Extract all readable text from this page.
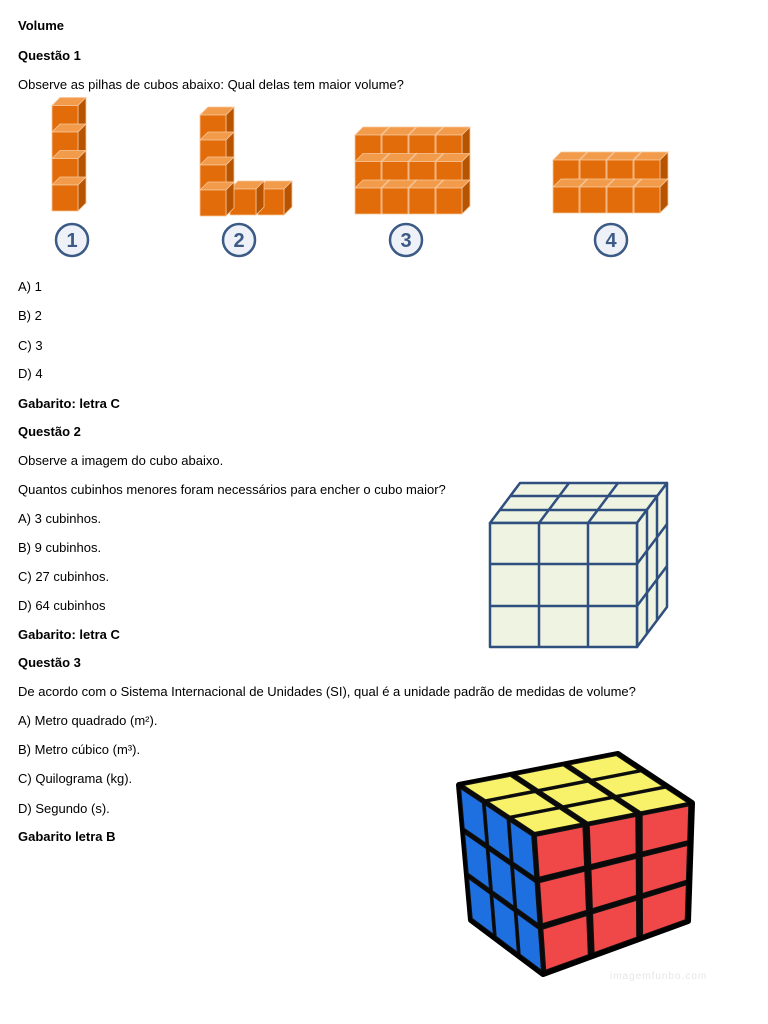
Volume
Questão 1
Observe as pilhas de cubos abaixo: Qual delas tem maior volume?
1	2	3	4
A) 1
B) 2
C) 3
D) 4
Gabarito: letra C
Questão 2
Observe a imagem do cubo abaixo.
Quantos cubinhos menores foram necessários para encher o cubo maior?
A) 3 cubinhos.
B) 9 cubinhos.
C) 27 cubinhos.
D) 64 cubinhos
Gabarito: letra C
Questão 3
De acordo com o Sistema Internacional de Unidades (SI), qual é a unidade padrão de medidas de volume?
A) Metro quadrado (m²).
B) Metro cúbico (m³).
C) Quilograma (kg).
D) Segundo (s).
Gabarito letra B
imagemfunbo.com
